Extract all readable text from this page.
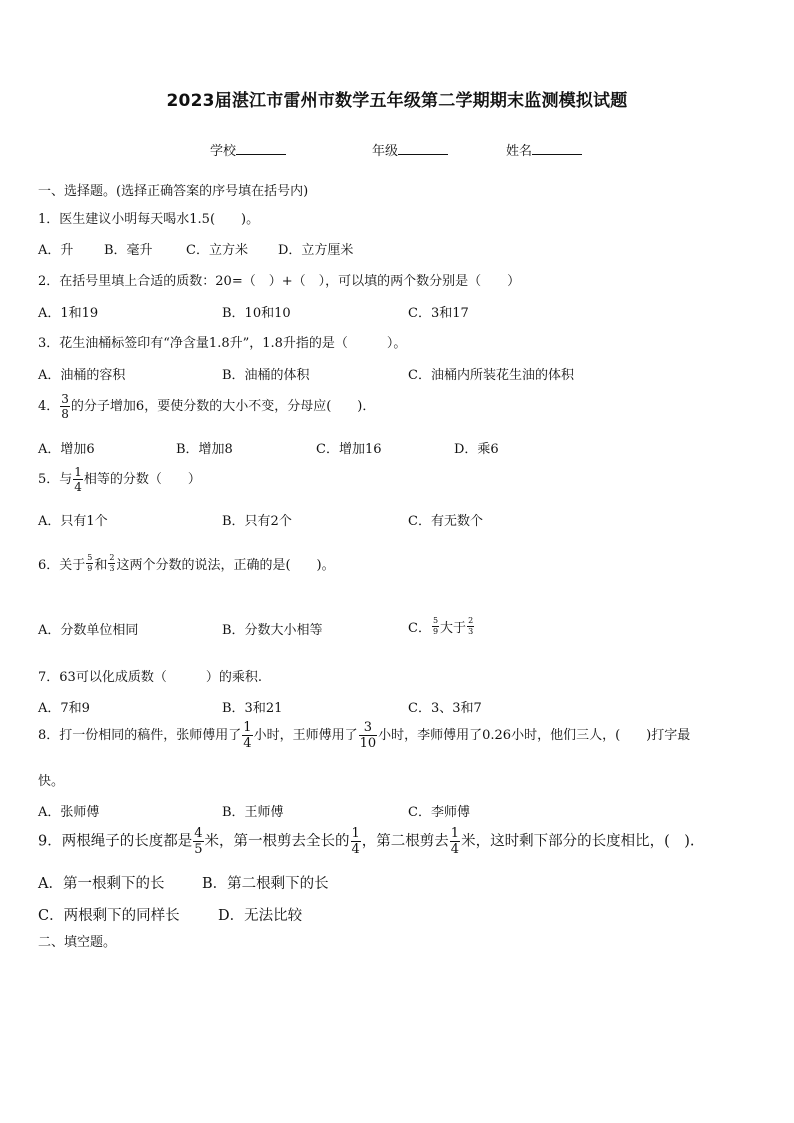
2023届湛江市雷州市数学五年级第二学期期末监测模拟试题
学校	年级	姓名
一、选择题。(选择正确答案的序号填在括号内)
1．医生建议小明每天喝水1.5(　　)。
A．升 B．毫升	C．立方米 D．立方厘米
2．在括号里填上合适的质数：20=（　）+（　），可以填的两个数分别是（　　）
A．1和19	B．10和10	C．3和17
3．花生油桶标签印有“净含量1.8升”，1.8升指的是（　　　）。
A．油桶的容积	B．油桶的体积	C．油桶内所装花生油的体积
4． $\frac{3}{8}$ 的分子增加6，要使分数的大小不变，分母应(　　)．
A．增加6	B．增加8	C．增加16	D．乘6
5．与 $\frac{1}{4}$ 相等的分数（　　）
A．只有1个	B．只有2个	C．有无数个
6．关于 $\frac{5}{9}$ 和 $\frac{2}{3}$ 这两个分数的说法，正确的是(　　)。
A．分数单位相同	B．分数大小相等	C． $\frac{5}{9}$ 大于 $\frac{2}{3}$
7．63可以化成质数（　　　）的乘积.
A．7和9	B．3和21	C．3、3和7
8．打一份相同的稿件，张师傅用了 $\frac{1}{4}$ 小时，王师傅用了 $\frac{3}{10}$ 小时，李师傅用了0.26小时，他们三人，(　　)打字最
快。
A．张师傅	B．王师傅	C．李师傅
9．两根绳子的长度都是 $\frac{4}{5}$ 米，第一根剪去全长的 $\frac{1}{4}$ ，第二根剪去 $\frac{1}{4}$ 米，这时剩下部分的长度相比，(　).
A．第一根剩下的长	B．第二根剩下的长
C．两根剩下的同样长	D．无法比较
二、填空题。
